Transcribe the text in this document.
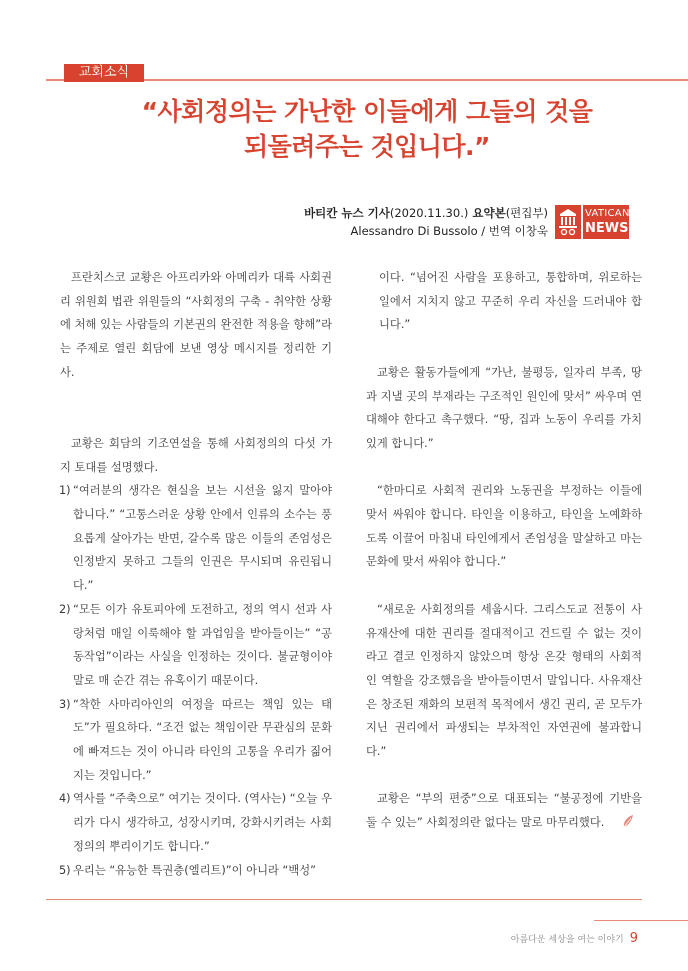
교회소식
“사회정의는 가난한 이들에게 그들의 것을
되돌려주는 것입니다.”
바티칸 뉴스 기사(2020.11.30.) 요약본(편집부)
Alessandro Di Bussolo / 번역 이창욱
VATICAN
NEWS

프란치스코 교황은 아프리카와 아메리카 대륙 사회권리 위원회 법관 위원들의 “사회정의 구축 - 취약한 상황에 처해 있는 사람들의 기본권의 완전한 적용을 향해”라는 주제로 열린 회담에 보낸 영상 메시지를 정리한 기사.

교황은 회담의 기조연설을 통해 사회정의의 다섯 가지 토대를 설명했다.

1) “여러분의 생각은 현실을 보는 시선을 잃지 말아야 합니다.” “고통스러운 상황 안에서 인류의 소수는 풍요롭게 살아가는 반면, 갈수록 많은 이들의 존엄성은 인정받지 못하고 그들의 인권은 무시되며 유린됩니다.”
2) “모든 이가 유토피아에 도전하고, 정의 역시 선과 사랑처럼 매일 이룩해야 할 과업임을 받아들이는” “공동작업”이라는 사실을 인정하는 것이다. 불균형이야말로 매 순간 겪는 유혹이기 때문이다.
3) “착한 사마리아인의 여정을 따르는 책임 있는 태도”가 필요하다. “조건 없는 책임이란 무관심의 문화에 빠져드는 것이 아니라 타인의 고통을 우리가 짊어지는 것입니다.”
4) 역사를 “주축으로” 여기는 것이다. (역사는) “오늘 우리가 다시 생각하고, 성장시키며, 강화시키려는 사회정의의 뿌리이기도 합니다.”
5) 우리는 “유능한 특권층(엘리트)”이 아니라 “백성”

이다. “넘어진 사람을 포용하고, 통합하며, 위로하는 일에서 지치지 않고 꾸준히 우리 자신을 드러내야 합니다.”

교황은 활동가들에게 “가난, 불평등, 일자리 부족, 땅과 지낼 곳의 부재라는 구조적인 원인에 맞서” 싸우며 연대해야 한다고 촉구했다. “땅, 집과 노동이 우리를 가치 있게 합니다.”

“한마디로 사회적 권리와 노동권을 부정하는 이들에 맞서 싸워야 합니다. 타인을 이용하고, 타인을 노예화하도록 이끌어 마침내 타인에게서 존엄성을 말살하고 마는 문화에 맞서 싸워야 합니다.”

“새로운 사회정의를 세웁시다. 그리스도교 전통이 사유재산에 대한 권리를 절대적이고 건드릴 수 없는 것이라고 결코 인정하지 않았으며 항상 온갖 형태의 사회적인 역할을 강조했음을 받아들이면서 말입니다. 사유재산은 창조된 재화의 보편적 목적에서 생긴 권리, 곧 모두가 지닌 권리에서 파생되는 부차적인 자연권에 불과합니다.”

교황은 “부의 편중”으로 대표되는 “불공정에 기반을 둘 수 있는” 사회정의란 없다는 말로 마무리했다.

아름다운 세상을 여는 이야기 9
